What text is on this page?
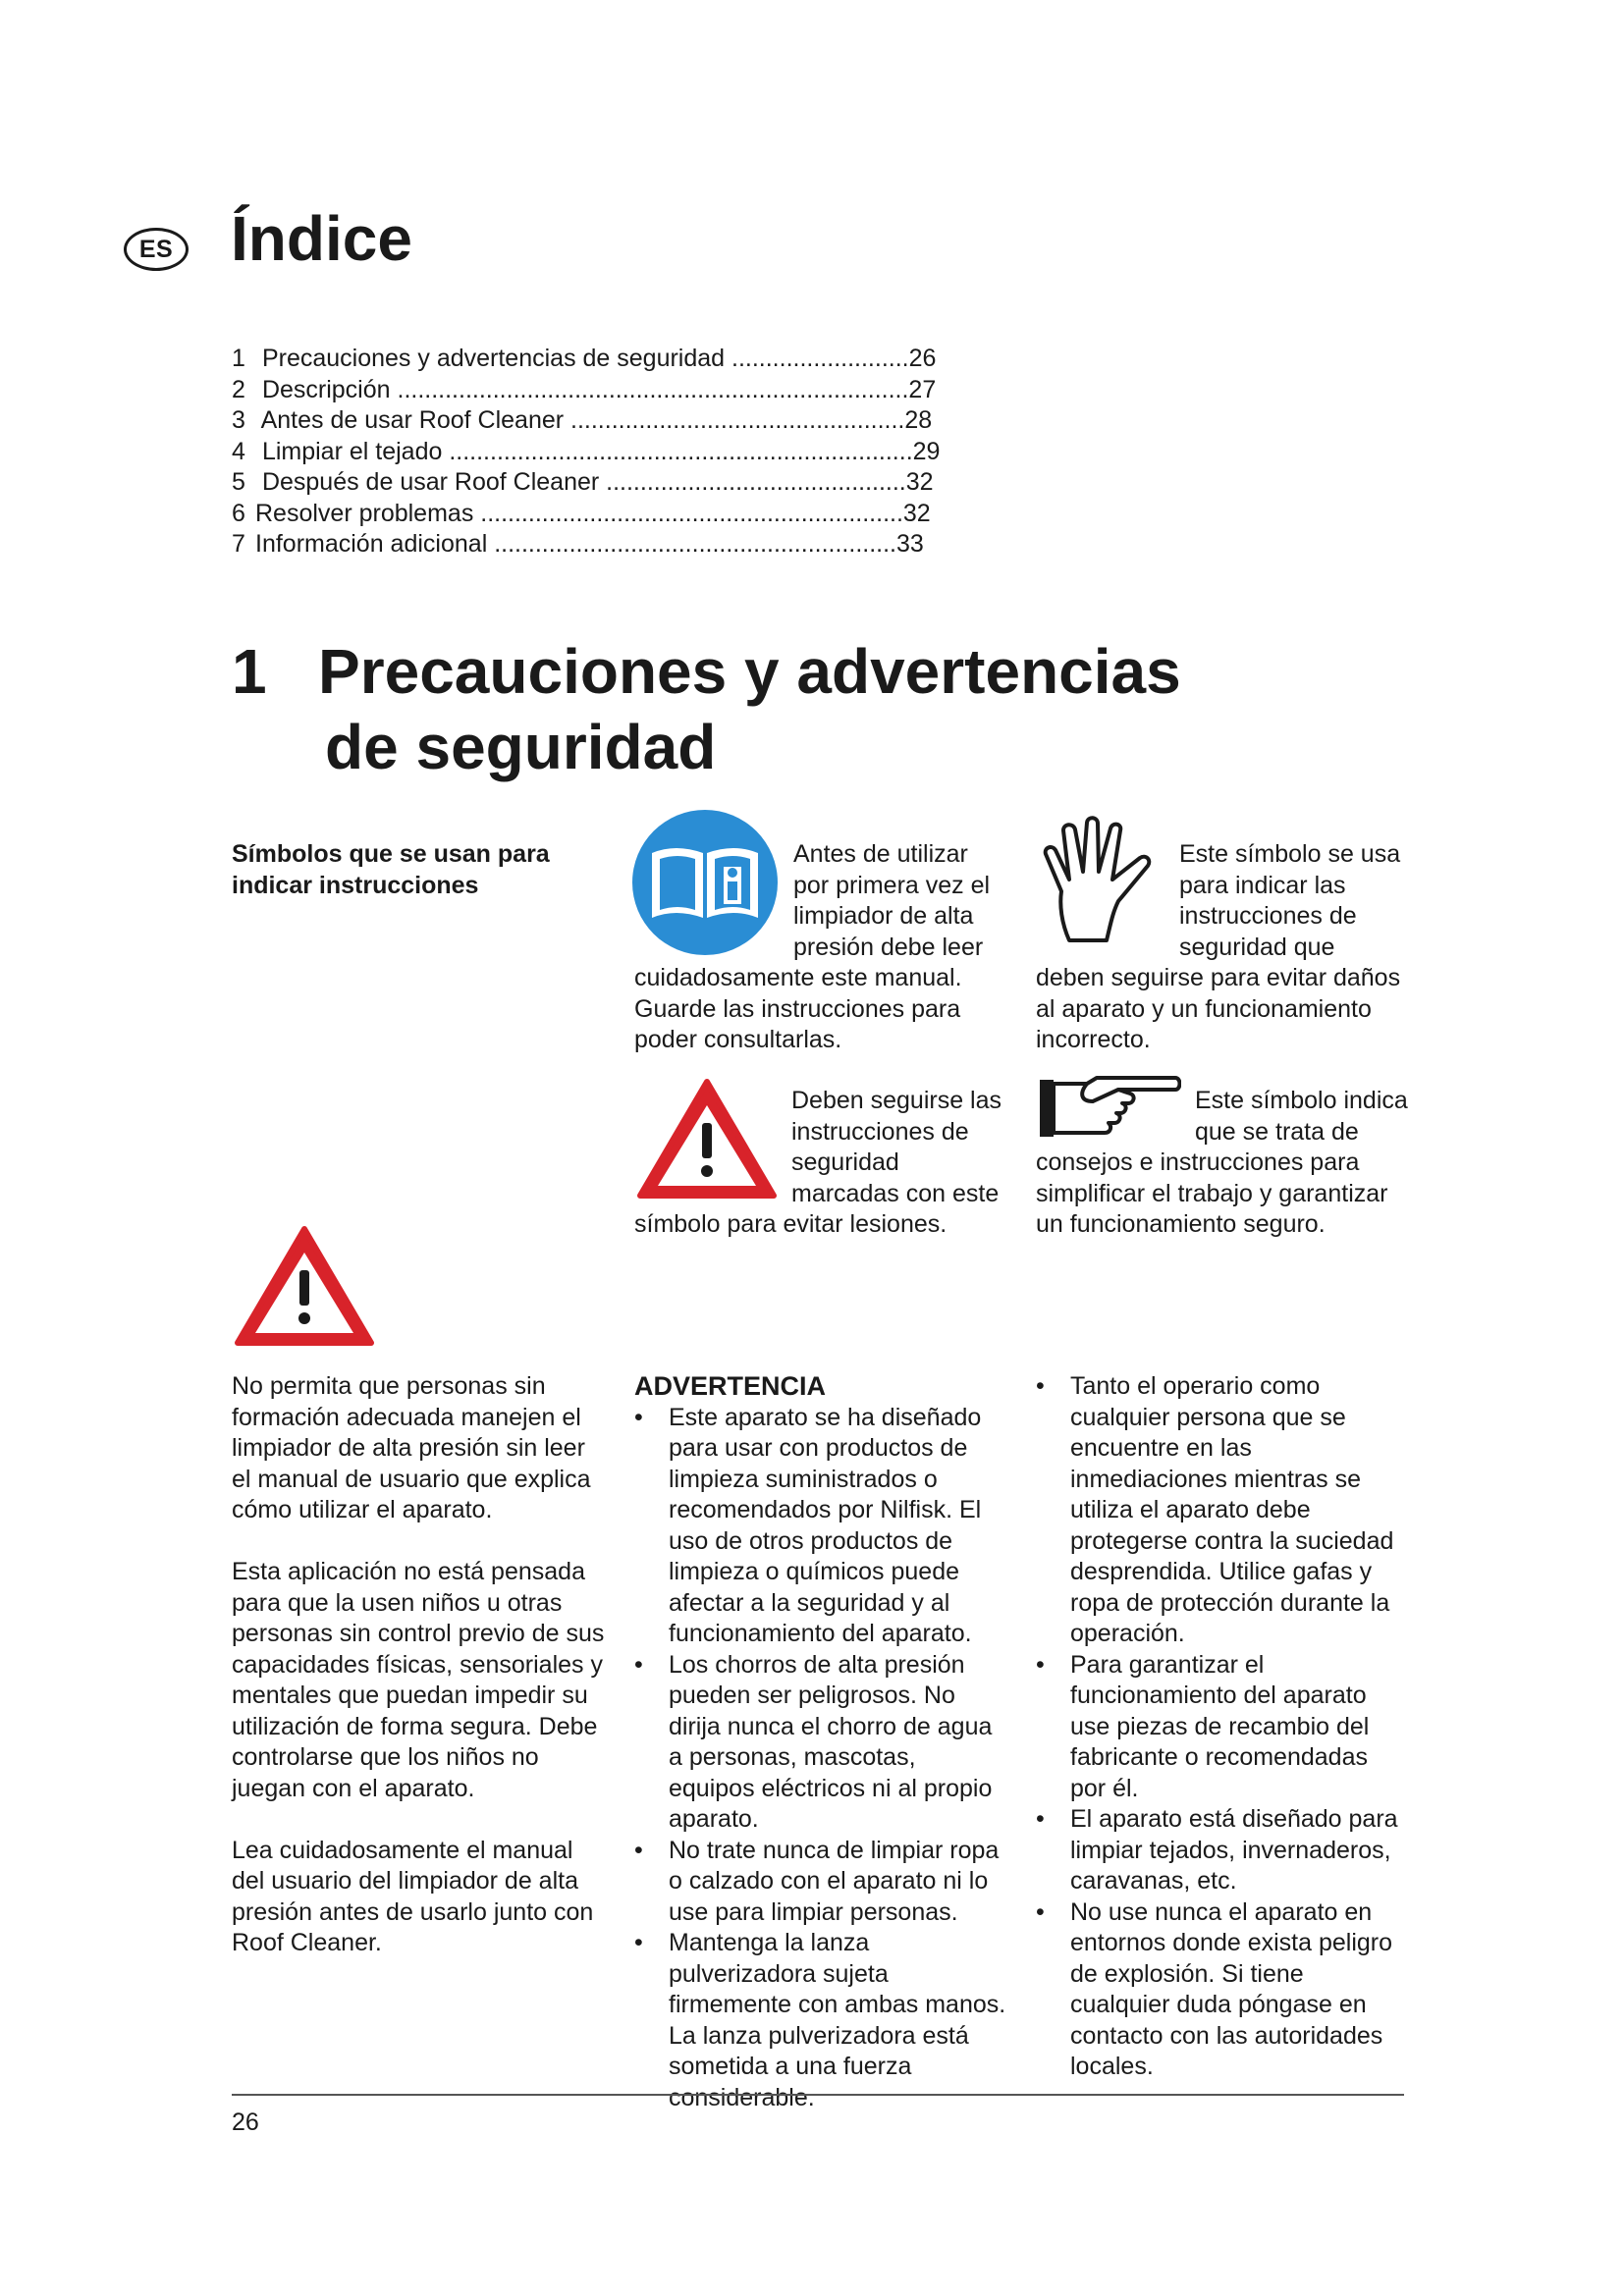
ES Índice
1 Precauciones y advertencias de seguridad ..........................26
2 Descripción ...........................................................................27
3 Antes de usar Roof Cleaner .................................................28
4 Limpiar el tejado ....................................................................29
5 Después de usar Roof Cleaner ............................................32
6 Resolver problemas ..............................................................32
7 Información adicional ...........................................................33
1 Precauciones y advertencias
de seguridad
Símbolos que se usan para indicar instrucciones
Antes de utilizar por primera vez el limpiador de alta presión debe leer cuidadosamente este manual. Guarde las instrucciones para poder consultarlas.
Este símbolo se usa para indicar las instrucciones de seguridad que deben seguirse para evitar daños al aparato y un funcionamiento incorrecto.
Deben seguirse las instrucciones de seguridad marcadas con este símbolo para evitar lesiones.
Este símbolo indica que se trata de consejos e instrucciones para simplificar el trabajo y garantizar un funcionamiento seguro.

No permita que personas sin formación adecuada manejen el limpiador de alta presión sin leer el manual de usuario que explica cómo utilizar el aparato.

Esta aplicación no está pensada para que la usen niños u otras personas sin control previo de sus capacidades físicas, sensoriales y mentales que puedan impedir su utilización de forma segura. Debe controlarse que los niños no juegan con el aparato.

Lea cuidadosamente el manual del usuario del limpiador de alta presión antes de usarlo junto con Roof Cleaner.

ADVERTENCIA
• Este aparato se ha diseñado para usar con productos de limpieza suministrados o recomendados por Nilfisk. El uso de otros productos de limpieza o químicos puede afectar a la seguridad y al funcionamiento del aparato.
• Los chorros de alta presión pueden ser peligrosos. No dirija nunca el chorro de agua a personas, mascotas, equipos eléctricos ni al propio aparato.
• No trate nunca de limpiar ropa o calzado con el aparato ni lo use para limpiar personas.
• Mantenga la lanza pulverizadora sujeta firmemente con ambas manos. La lanza pulverizadora está sometida a una fuerza considerable.
• Tanto el operario como cualquier persona que se encuentre en las inmediaciones mientras se utiliza el aparato debe protegerse contra la suciedad desprendida. Utilice gafas y ropa de protección durante la operación.
• Para garantizar el funcionamiento del aparato use piezas de recambio del fabricante o recomendadas por él.
• El aparato está diseñado para limpiar tejados, invernaderos, caravanas, etc.
• No use nunca el aparato en entornos donde exista peligro de explosión. Si tiene cualquier duda póngase en contacto con las autoridades locales.
26
